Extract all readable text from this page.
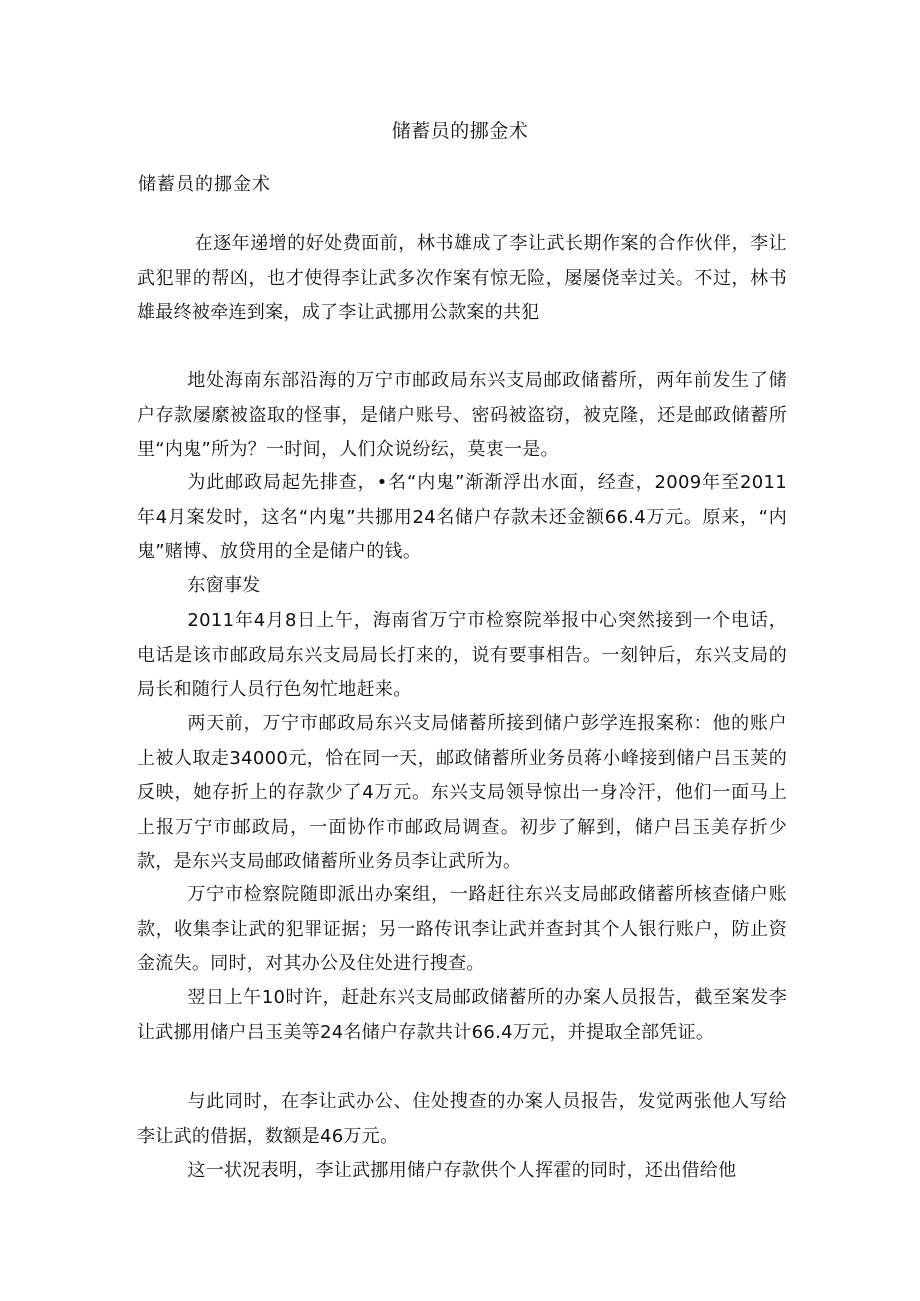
储蓄员的挪金术
储蓄员的挪金术

在逐年递增的好处费面前，林书雄成了李让武长期作案的合作伙伴，李让武犯罪的帮凶，也才使得李让武多次作案有惊无险，屡屡侥幸过关。不过，林书雄最终被牵连到案，成了李让武挪用公款案的共犯

地处海南东部沿海的万宁市邮政局东兴支局邮政储蓄所，两年前发生了储户存款屡縻被盗取的怪事，是储户账号、密码被盗窃，被克隆，还是邮政储蓄所里“内鬼”所为？一时间，人们众说纷纭，莫衷一是。

为此邮政局起先排查，•名“内鬼”渐渐浮出水面，经查，2009年至2011年4月案发时，这名“内鬼”共挪用24名储户存款未还金额66.4万元。原来，“内鬼”赌博、放贷用的全是储户的钱。

东窗事发

2011年4月8日上午，海南省万宁市检察院举报中心突然接到一个电话，电话是该市邮政局东兴支局局长打来的，说有要事相告。一刻钟后，东兴支局的局长和随行人员行色匆忙地赶来。

两天前，万宁市邮政局东兴支局储蓄所接到储户彭学连报案称：他的账户上被人取走34000元，恰在同一天，邮政储蓄所业务员蒋小峰接到储户吕玉荚的反映，她存折上的存款少了4万元。东兴支局领导惊出一身冷汗，他们一面马上上报万宁市邮政局，一面协作市邮政局调查。初步了解到，储户吕玉美存折少款，是东兴支局邮政储蓄所业务员李让武所为。

万宁市检察院随即派出办案组，一路赶往东兴支局邮政储蓄所核查储户账款，收集李让武的犯罪证据；另一路传讯李让武并查封其个人银行账户，防止资金流失。同时，对其办公及住处进行搜查。

翌日上午10时许，赶赴东兴支局邮政储蓄所的办案人员报告，截至案发李让武挪用储户吕玉美等24名储户存款共计66.4万元，并提取全部凭证。

与此同时，在李让武办公、住处搜查的办案人员报告，发觉两张他人写给李让武的借据，数额是46万元。

这一状况表明，李让武挪用储户存款供个人挥霍的同时，还出借给他
